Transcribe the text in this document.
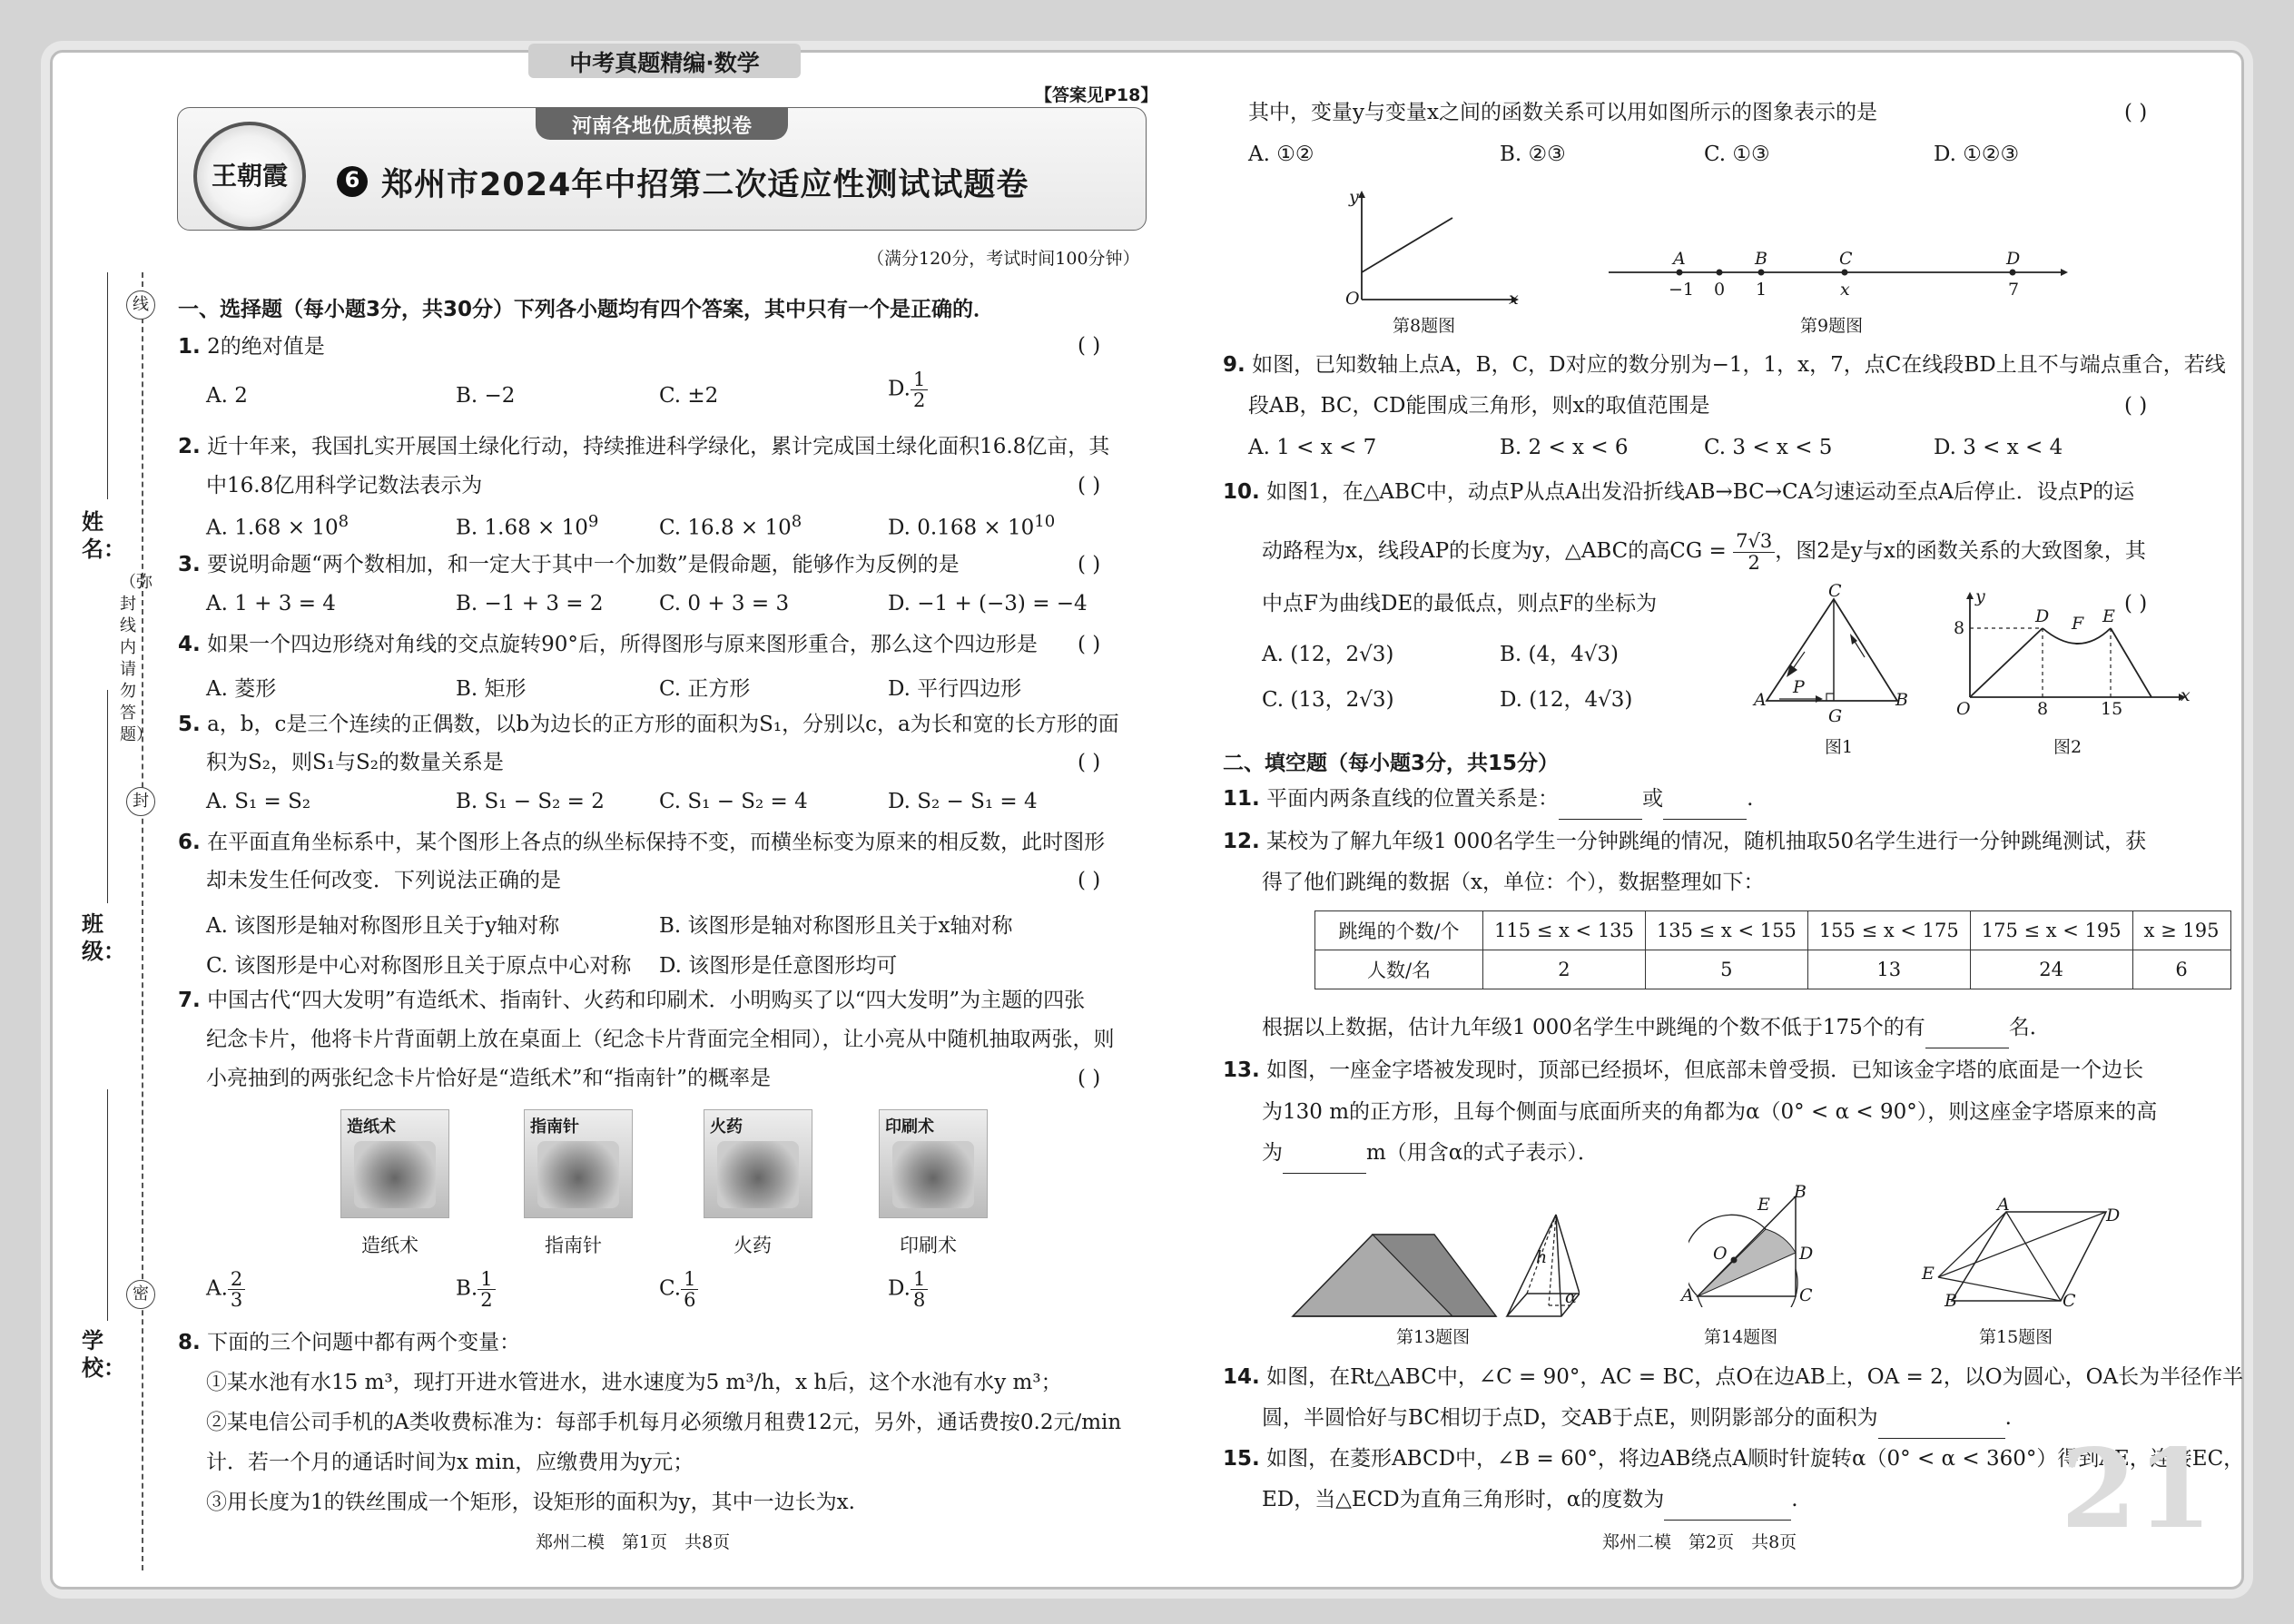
中考真题精编·数学
【答案见P18】
河南各地优质模拟卷
王朝霞	6 郑州市2024年中招第二次适应性测试试题卷
（满分120分，考试时间100分钟）
线
封
密
（弥封线内请勿答题）
姓名：
班级：
学校：
一、选择题（每小题3分，共30分）下列各小题均有四个答案，其中只有一个是正确的．
1. 2的绝对值是	( )
A. 2	B. −2	C. ±2	D. $\frac{1}{2}$
2. 近十年来，我国扎实开展国土绿化行动，持续推进科学绿化，累计完成国土绿化面积16.8亿亩，其
中16.8亿用科学记数法表示为	( )
A. $1.68 \times 10^8$	B. $1.68 \times 10^9$	C. $16.8 \times 10^8$	D. $0.168 \times 10^{10}$
3. 要说明命题“两个数相加，和一定大于其中一个加数”是假命题，能够作为反例的是	( )
A. 1 + 3 = 4	B. −1 + 3 = 2	C. 0 + 3 = 3	D. −1 + (−3) = −4
4. 如果一个四边形绕对角线的交点旋转90°后，所得图形与原来图形重合，那么这个四边形是 ( )
A. 菱形	B. 矩形	C. 正方形	D. 平行四边形
5. a，b，c是三个连续的正偶数，以b为边长的正方形的面积为S₁，分别以c，a为长和宽的长方形的面
积为S₂，则S₁与S₂的数量关系是	( )
A. S₁ = S₂	B. S₁ − S₂ = 2	C. S₁ − S₂ = 4	D. S₂ − S₁ = 4
6. 在平面直角坐标系中，某个图形上各点的纵坐标保持不变，而横坐标变为原来的相反数，此时图形
却未发生任何改变．下列说法正确的是	( )
A. 该图形是轴对称图形且关于y轴对称	B. 该图形是轴对称图形且关于x轴对称
C. 该图形是中心对称图形且关于原点中心对称 D. 该图形是任意图形均可
7. 中国古代“四大发明”有造纸术、指南针、火药和印刷术．小明购买了以“四大发明”为主题的四张
纪念卡片，他将卡片背面朝上放在桌面上（纪念卡片背面完全相同），让小亮从中随机抽取两张，则
小亮抽到的两张纪念卡片恰好是“造纸术”和“指南针”的概率是	( )
造纸术	指南针	火药	印刷术
造纸术	指南针	火药	印刷术
A. $\frac{2}{3}$	B. $\frac{1}{2}$	C. $\frac{1}{6}$	D. $\frac{1}{8}$
8. 下面的三个问题中都有两个变量：
①某水池有水15 m³，现打开进水管进水，进水速度为5 m³/h，x h后，这个水池有水y m³；
②某电信公司手机的A类收费标准为：每部手机每月必须缴月租费12元，另外，通话费按0.2元/min
计．若一个月的通话时间为x min，应缴费用为y元；
③用长度为1的铁丝围成一个矩形，设矩形的面积为y，其中一边长为x.
郑州二模　第1页　共8页
其中，变量y与变量x之间的函数关系可以用如图所示的图象表示的是	( )
A. ①②	B. ②③	C. ①③	D. ①②③
y
x
O
第8题图
A	B	C	D
−1 0 1	x	7
第9题图
9. 如图，已知数轴上点A，B，C，D对应的数分别为−1，1，x，7，点C在线段BD上且不与端点重合，若线
段AB，BC，CD能围成三角形，则x的取值范围是	( )
A. 1 < x < 7	B. 2 < x < 6	C. 3 < x < 5	D. 3 < x < 4
10. 如图1，在△ABC中，动点P从点A出发沿折线AB→BC→CA匀速运动至点A后停止．设点P的运
动路程为x，线段AP的长度为y，△ABC的高CG = $\frac{7√3}{2}$ ，图2是y与x的函数关系的大致图象，其
中点F为曲线DE的最低点，则点F的坐标为	( )
A. (12，2√3)	B. (4，4√3)
C. (13，2√3)	D. (12，4√3)
C
A
P
G
B
图1
y
8
D F E
O	8	15
x
图2
二、填空题（每小题3分，共15分）
11. 平面内两条直线的位置关系是：	或	.
12. 某校为了解九年级1 000名学生一分钟跳绳的情况，随机抽取50名学生进行一分钟跳绳测试，获
得了他们跳绳的数据（x，单位：个），数据整理如下：
跳绳的个数/个	115 ≤ x < 135	135 ≤ x < 155	155 ≤ x < 175	175 ≤ x < 195	x ≥ 195
人数/名	2	5	13	24	6
根据以上数据，估计九年级1 000名学生中跳绳的个数不低于175个的有	名．
13. 如图，一座金字塔被发现时，顶部已经损坏，但底部未曾受损．已知该金字塔的底面是一个边长
为130 m的正方形，且每个侧面与底面所夹的角都为α（0° < α < 90°），则这座金字塔原来的高
为	m（用含α的式子表示）．
h
α
第13题图
B
E
O	D
A	C
第14题图
A
D
E
B	C
第15题图
14. 如图，在Rt△ABC中，∠C = 90°，AC = BC，点O在边AB上，OA = 2，以O为圆心，OA长为半径作半
圆，半圆恰好与BC相切于点D，交AB于点E，则阴影部分的面积为	.
15. 如图，在菱形ABCD中，∠B = 60°，将边AB绕点A顺时针旋转α（0° < α < 360°）得到AE，连接EC，
ED，当△ECD为直角三角形时，α的度数为	. 21
郑州二模　第2页　共8页
